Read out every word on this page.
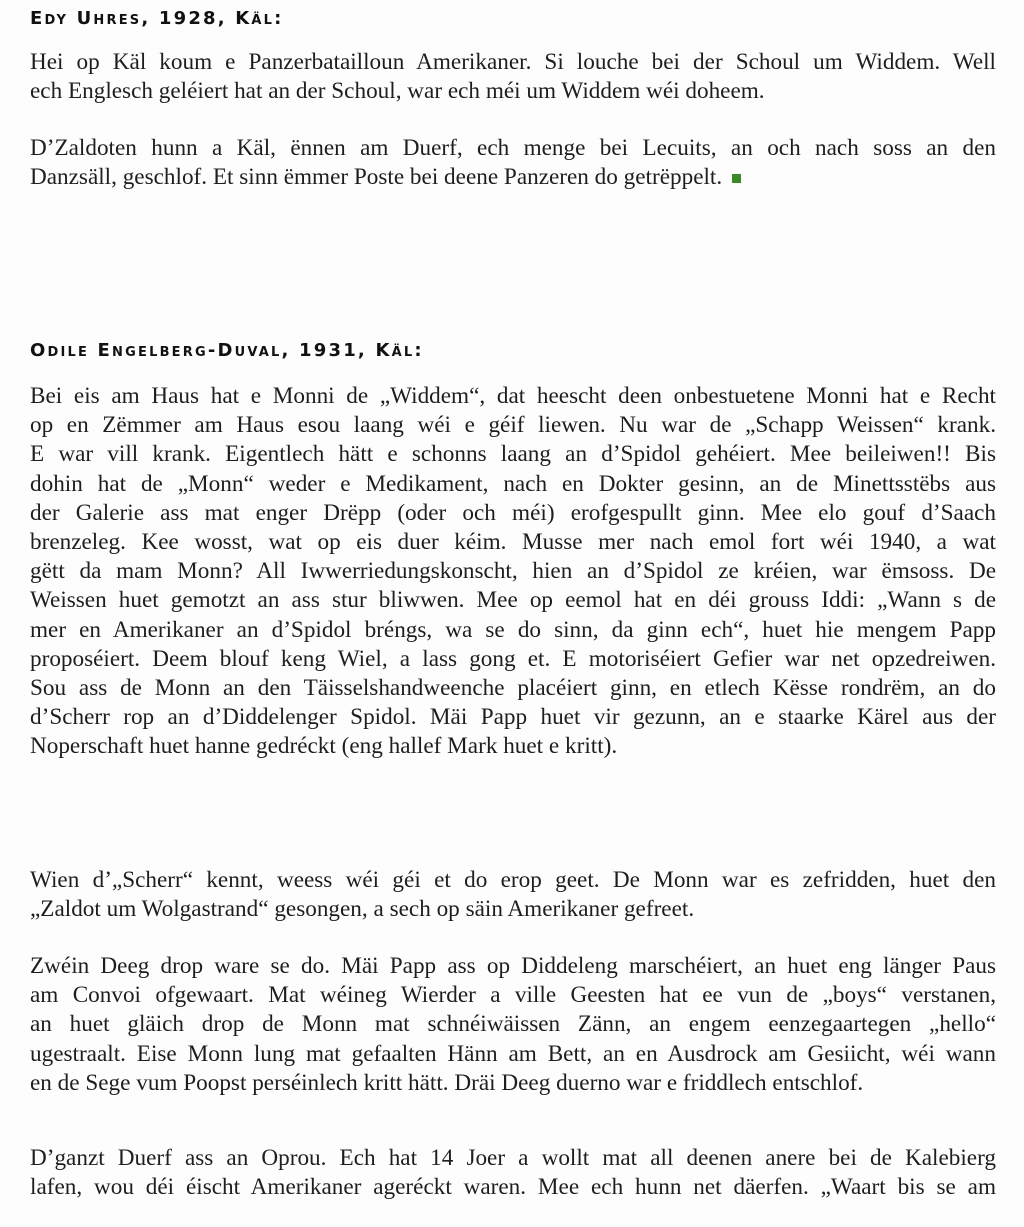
Edy Uhres, 1928, Käl:
Hei op Käl koum e Panzerbatailloun Amerikaner. Si louche bei der Schoul um Widdem. Well
ech Englesch geléiert hat an der Schoul, war ech méi um Widdem wéi doheem.
D’Zaldoten hunn a Käl, ënnen am Duerf, ech menge bei Lecuits, an och nach soss an den
Danzsäll, geschlof. Et sinn ëmmer Poste bei deene Panzeren do getrëppelt.
Odile Engelberg-Duval, 1931, Käl:
Bei eis am Haus hat e Monni de „Widdem“, dat heescht deen onbestuetene Monni hat e Recht
op en Zëmmer am Haus esou laang wéi e géif liewen. Nu war de „Schapp Weissen“ krank.
E war vill krank. Eigentlech hätt e schonns laang an d’Spidol gehéiert. Mee beileiwen!! Bis
dohin hat de „Monn“ weder e Medikament, nach en Dokter gesinn, an de Minettsstëbs aus
der Galerie ass mat enger Drëpp (oder och méi) erofgespullt ginn. Mee elo gouf d’Saach
brenzeleg. Kee wosst, wat op eis duer kéim. Musse mer nach emol fort wéi 1940, a wat
gëtt da mam Monn? All Iwwerriedungskonscht, hien an d’Spidol ze kréien, war ëmsoss. De
Weissen huet gemotzt an ass stur bliwwen. Mee op eemol hat en déi grouss Iddi: „Wann s de
mer en Amerikaner an d’Spidol bréngs, wa se do sinn, da ginn ech“, huet hie mengem Papp
proposéiert. Deem blouf keng Wiel, a lass gong et. E motoriséiert Gefier war net opzedreiwen.
Sou ass de Monn an den Täisselshandweenche placéiert ginn, en etlech Kësse rondrëm, an do
d’Scherr rop an d’Diddelenger Spidol. Mäi Papp huet vir gezunn, an e staarke Kärel aus der
Noperschaft huet hanne gedréckt (eng hallef Mark huet e kritt).
Wien d’„Scherr“ kennt, weess wéi géi et do erop geet. De Monn war es zefridden, huet den
„Zaldot um Wolgastrand“ gesongen, a sech op säin Amerikaner gefreet.
Zwéin Deeg drop ware se do. Mäi Papp ass op Diddeleng marschéiert, an huet eng länger Paus
am Convoi ofgewaart. Mat wéineg Wierder a ville Geesten hat ee vun de „boys“ verstanen,
an huet gläich drop de Monn mat schnéiwäissen Zänn, an engem eenzegaartegen „hello“
ugestraalt. Eise Monn lung mat gefaalten Hänn am Bett, an en Ausdrock am Gesiicht, wéi wann
en de Sege vum Poopst perséinlech kritt hätt. Dräi Deeg duerno war e friddlech entschlof.
D’ganzt Duerf ass an Oprou. Ech hat 14 Joer a wollt mat all deenen anere bei de Kalebierg
lafen, wou déi éischt Amerikaner ageréckt waren. Mee ech hunn net däerfen. „Waart bis se am
